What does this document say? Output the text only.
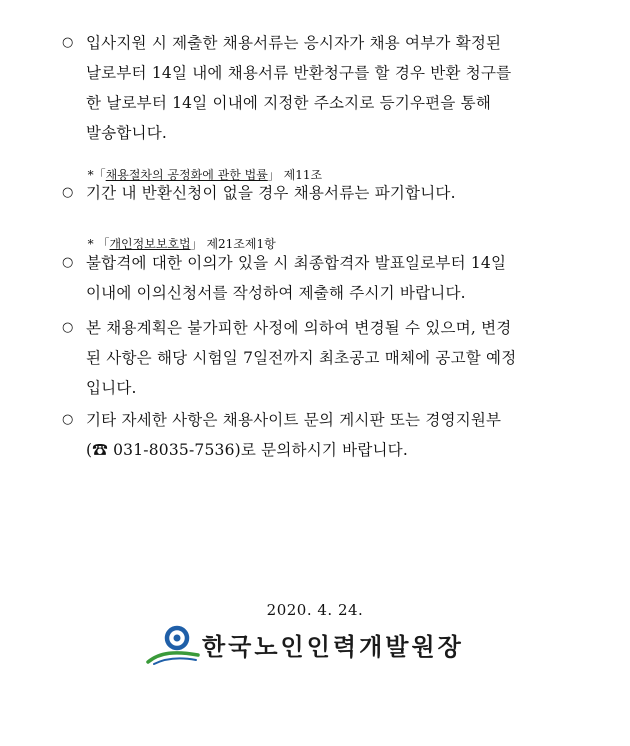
○ 입사지원 시 제출한 채용서류는 응시자가 채용 여부가 확정된
날로부터 14일 내에 채용서류 반환청구를 할 경우 반환 청구를
한 날로부터 14일 이내에 지정한 주소지로 등기우편을 통해
발송합니다.

*「채용절차의 공정화에 관한 법률」 제11조

○ 기간 내 반환신청이 없을 경우 채용서류는 파기합니다.

* 「개인정보보호법」 제21조제1항

○ 불합격에 대한 이의가 있을 시 최종합격자 발표일로부터 14일
이내에 이의신청서를 작성하여 제출해 주시기 바랍니다.
○ 본 채용계획은 불가피한 사정에 의하여 변경될 수 있으며, 변경
된 사항은 해당 시험일 7일전까지 최초공고 매체에 공고할 예정
입니다.
○ 기타 자세한 사항은 채용사이트 문의 게시판 또는 경영지원부
(☎ 031-8035-7536)로 문의하시기 바랍니다.
2020. 4. 24.
한국노인인력개발원장
